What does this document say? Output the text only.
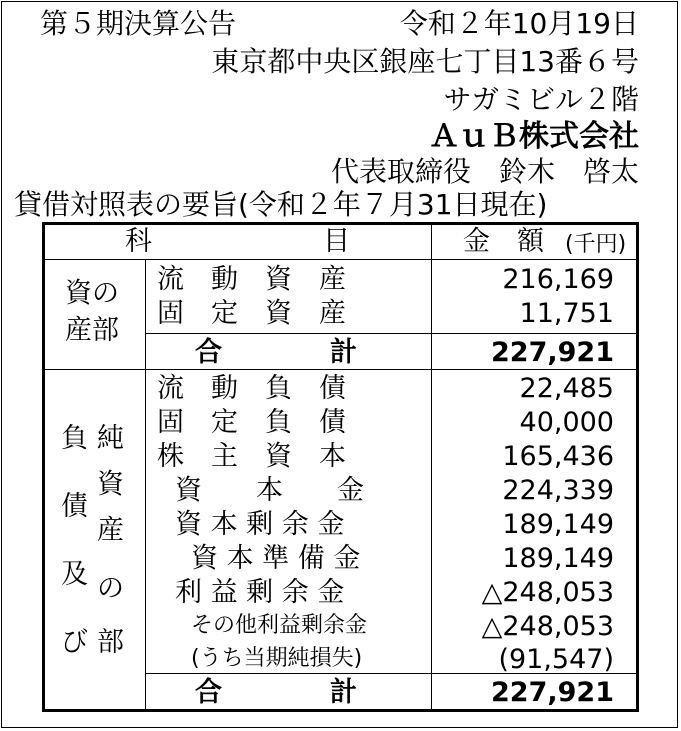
第５期決算公告	令和２年10月19日
東京都中央区銀座七丁目13番６号
サガミビル２階
ＡｕＢ株式会社
代表取締役　鈴木　啓太
貸借対照表の要旨(令和２年７月31日現在)
科	目	金　額 (千円)
資の
産部
流　動　資　産	216,169
固　定　資　産	11,751
合　　　　計	227,921
負
債
及
び
純
資
産
の
部
流　動　負　債	22,485
固　定　負　債	40,000
株　主　資　本	165,436
資　　本　　金	224,339
資 本 剰 余 金	189,149
資 本 準 備 金	189,149
利 益 剰 余 金	△248,053
その他利益剰余金	△248,053
(うち当期純損失)	(91,547)
合　　　　計	227,921
